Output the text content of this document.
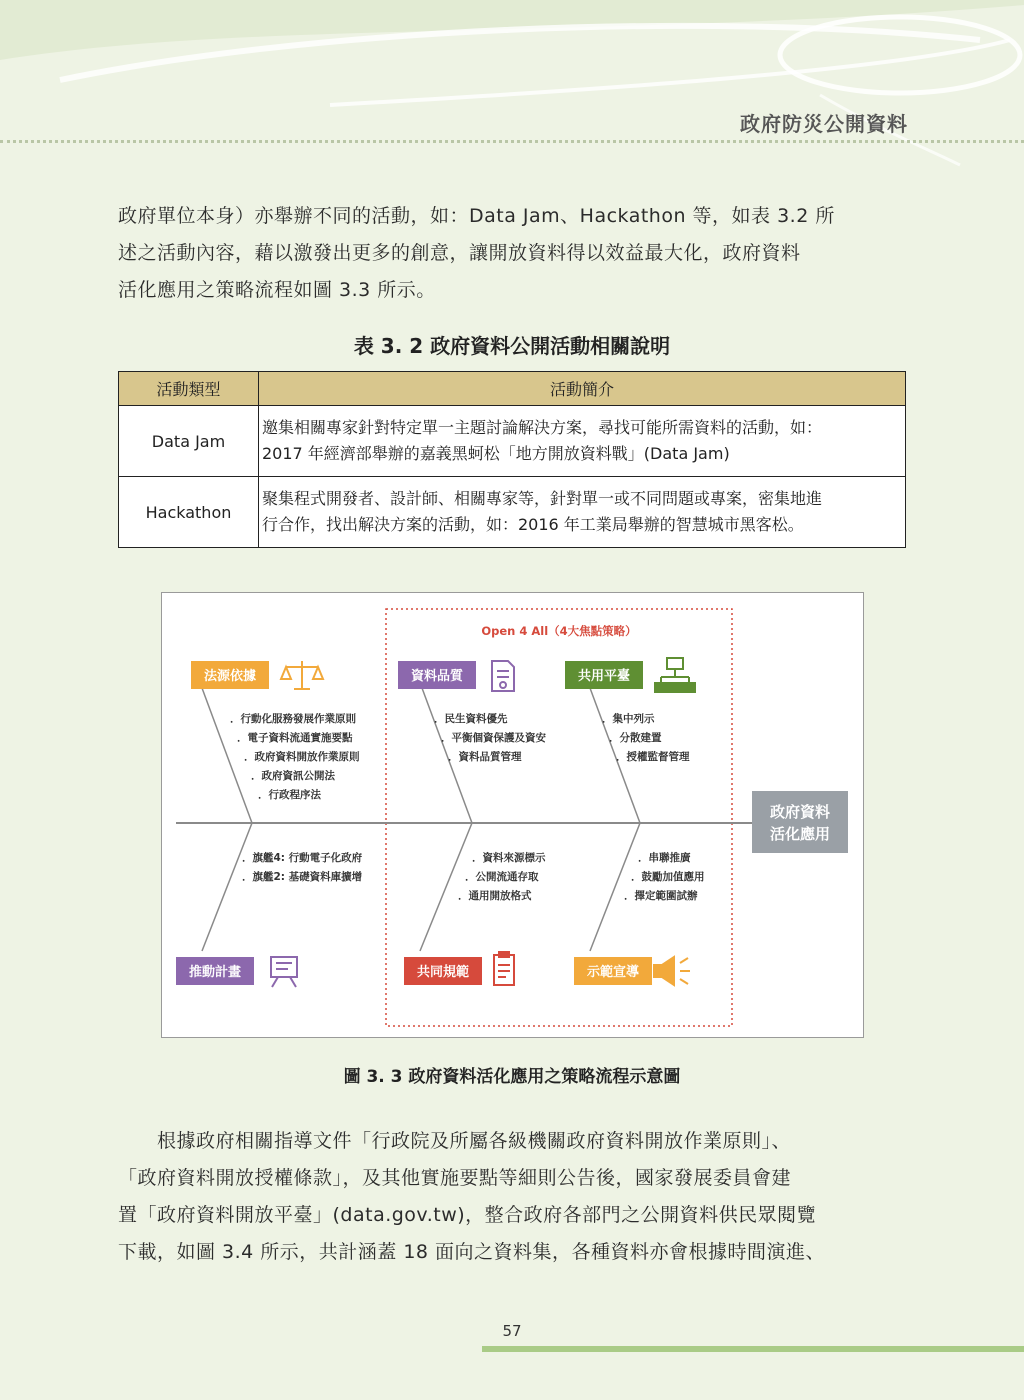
政府防災公開資料

政府單位本身）亦舉辦不同的活動，如：Data Jam、Hackathon 等，如表 3.2 所
述之活動內容，藉以激發出更多的創意，讓開放資料得以效益最大化，政府資料
活化應用之策略流程如圖 3.3 所示。

表 3. 2 政府資料公開活動相關說明
活動類型	活動簡介
Data Jam	邀集相關專家針對特定單一主題討論解決方案，尋找可能所需資料的活動，如：
2017 年經濟部舉辦的嘉義黑蚵松「地方開放資料戰」(Data Jam)

Hackathon	聚集程式開發者、設計師、相關專家等，針對單一或不同問題或專案，密集地進
行合作，找出解決方案的活動，如：2016 年工業局舉辦的智慧城市黑客松。
Open 4 All（4大焦點策略）
法源依據
．行動化服務發展作業原則
．電子資料流通實施要點
．政府資料開放作業原則
．政府資訊公開法
．行政程序法
資料品質
．民生資料優先
．平衡個資保護及資安
．資料品質管理
共用平臺
．集中列示
．分散建置
．授權監督管理
政府資料
活化應用
．旗艦4: 行動電子化政府
．旗艦2: 基礎資料庫擴增
推動計畫
．資料來源標示
．公開流通存取
．通用開放格式
共同規範
．串聯推廣
．鼓勵加值應用
．擇定範圍試辦
示範宣導
圖 3. 3 政府資料活化應用之策略流程示意圖

　　根據政府相關指導文件「行政院及所屬各級機關政府資料開放作業原則」、
「政府資料開放授權條款」，及其他實施要點等細則公告後，國家發展委員會建
置「政府資料開放平臺」(data.gov.tw)，整合政府各部門之公開資料供民眾閱覽
下載，如圖 3.4 所示，共計涵蓋 18 面向之資料集，各種資料亦會根據時間演進、

57
